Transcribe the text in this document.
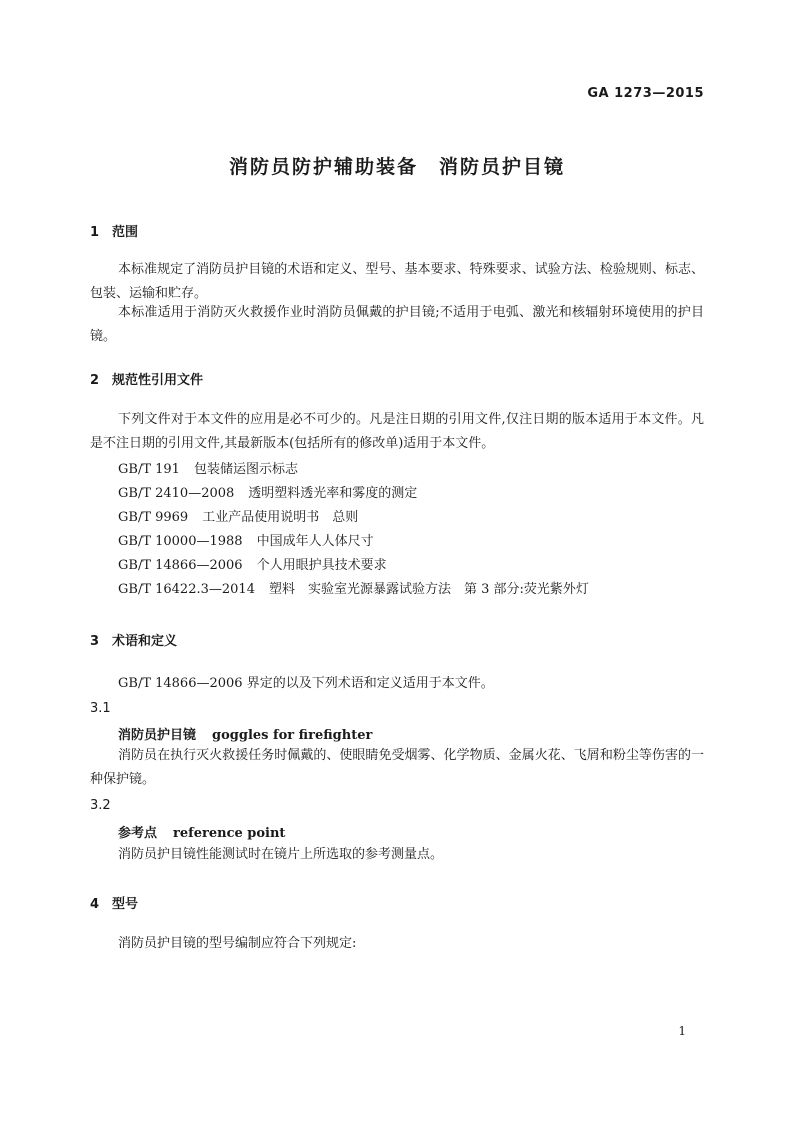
GA 1273—2015
消防员防护辅助装备　消防员护目镜
1 范围
本标准规定了消防员护目镜的术语和定义、型号、基本要求、特殊要求、试验方法、检验规则、标志、包装、运输和贮存。
本标准适用于消防灭火救援作业时消防员佩戴的护目镜;不适用于电弧、激光和核辐射环境使用的护目镜。
2 规范性引用文件
下列文件对于本文件的应用是必不可少的。凡是注日期的引用文件,仅注日期的版本适用于本文件。凡是不注日期的引用文件,其最新版本(包括所有的修改单)适用于本文件。
GB/T 191 包装储运图示标志
GB/T 2410—2008 透明塑料透光率和雾度的测定
GB/T 9969 工业产品使用说明书　总则
GB/T 10000—1988 中国成年人人体尺寸
GB/T 14866—2006 个人用眼护具技术要求
GB/T 16422.3—2014 塑料　实验室光源暴露试验方法　第 3 部分:荧光紫外灯
3 术语和定义
GB/T 14866—2006 界定的以及下列术语和定义适用于本文件。
3.1
消防员护目镜 goggles for firefighter
消防员在执行灭火救援任务时佩戴的、使眼睛免受烟雾、化学物质、金属火花、飞屑和粉尘等伤害的一种保护镜。
3.2
参考点 reference point
消防员护目镜性能测试时在镜片上所选取的参考测量点。
4 型号
消防员护目镜的型号编制应符合下列规定:
1
